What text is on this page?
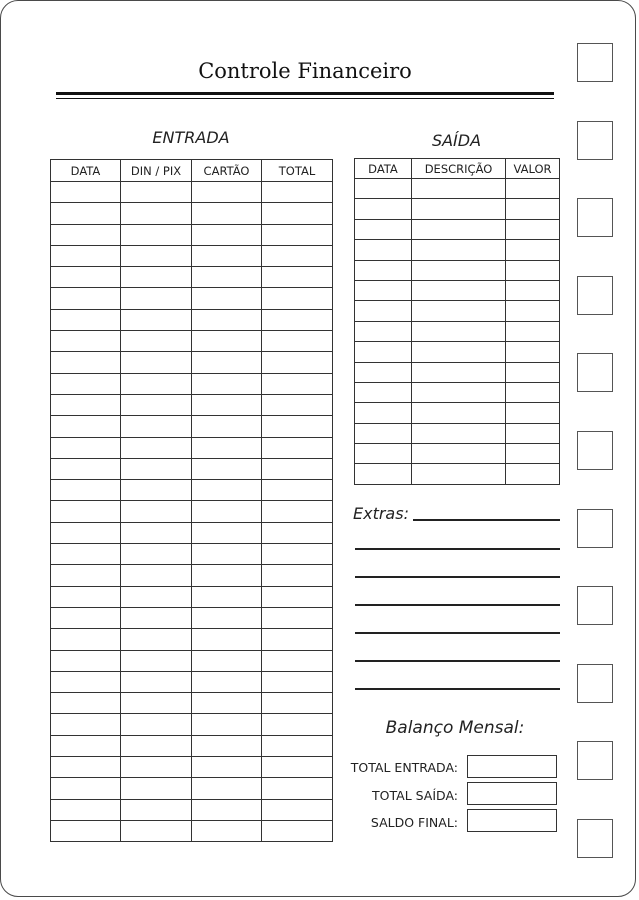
Controle Financeiro
ENTRADA
DATA	DIN / PIX	CARTÃO	TOTAL

SAÍDA
DATA	DESCRIÇÃO	VALOR

Extras:
Balanço Mensal:
TOTAL ENTRADA:
TOTAL SAÍDA:
SALDO FINAL:
